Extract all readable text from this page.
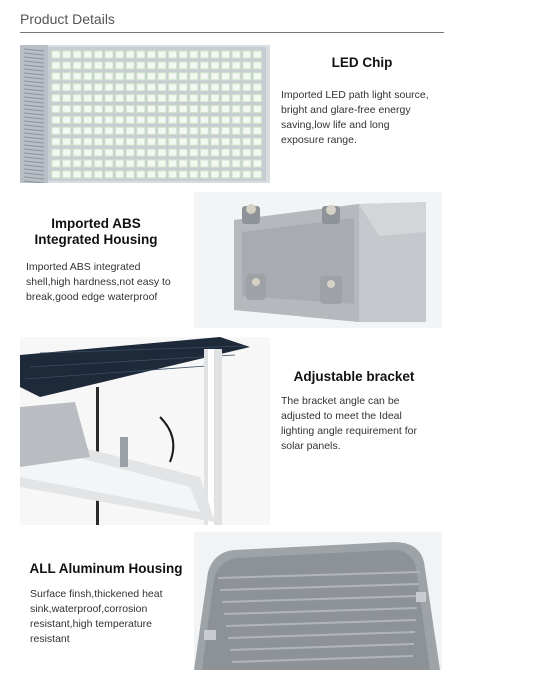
Product Details
LED Chip
Imported LED path light source,
bright and glare-free energy
saving,low life and long
exposure range.
Imported ABS
Integrated Housing
Imported ABS integrated
shell,high hardness,not easy to
break,good edge waterproof
Adjustable bracket
The bracket angle can be
adjusted to meet the Ideal
lighting angle requirement for
solar panels.
ALL Aluminum Housing
Surface finsh,thickened heat
sink,waterproof,corrosion
resistant,high temperature
resistant
